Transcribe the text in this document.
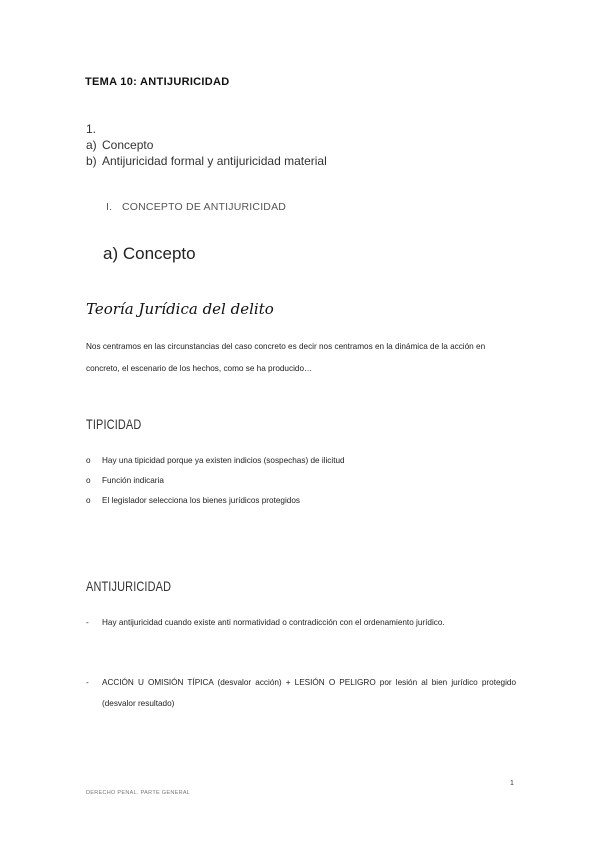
TEMA 10: ANTIJURICIDAD
1.
a) Concepto
b) Antijuricidad formal y antijuricidad material
I. CONCEPTO DE ANTIJURICIDAD
a) Concepto
Teoría Jurídica del delito
Nos centramos en las circunstancias del caso concreto es decir nos centramos en la dinámica de la acción en concreto, el escenario de los hechos, como se ha producido…
TIPICIDAD
o Hay una tipicidad porque ya existen indicios (sospechas) de ilicitud
o Función indicaria
o El legislador selecciona los bienes jurídicos protegidos
ANTIJURICIDAD
- Hay antijuricidad cuando existe anti normatividad o contradicción con el ordenamiento jurídico.
- ACCIÓN U OMISIÓN TÍPICA (desvalor acción) + LESIÓN O PELIGRO por lesión al bien jurídico protegido (desvalor resultado)
1
DERECHO PENAL. PARTE GENERAL
